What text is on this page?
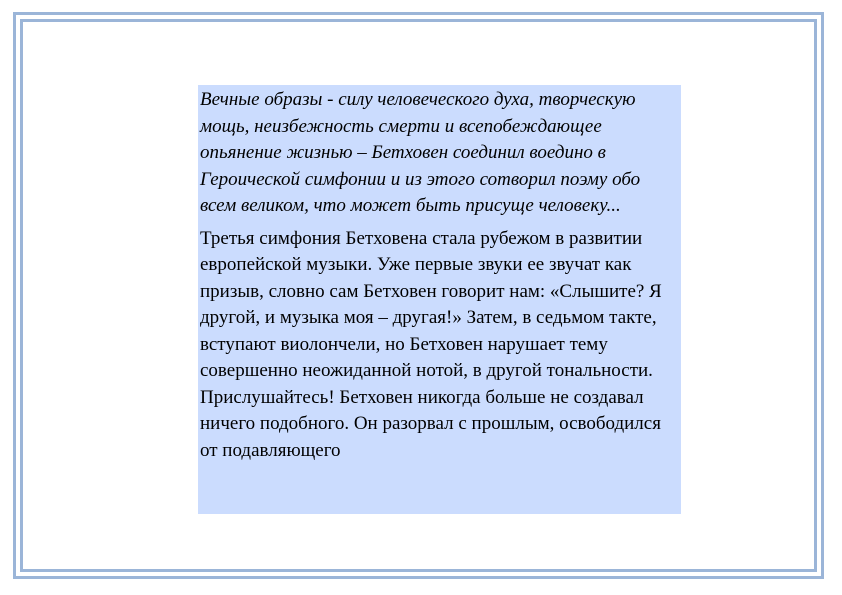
Вечные образы - силу человеческого духа, творческую мощь, неизбежность смерти и всепобеждающее опьянение жизнью – Бетховен соединил воедино в Героической симфонии и из этого сотворил поэму обо всем великом, что может быть присуще человеку...

Третья симфония Бетховена стала рубежом в развитии европейской музыки. Уже первые звуки ее звучат как призыв, словно сам Бетховен говорит нам: «Слышите? Я другой, и музыка моя – другая!» Затем, в седьмом такте, вступают виолончели, но Бетховен нарушает тему совершенно неожиданной нотой, в другой тональности. Прислушайтесь! Бетховен никогда больше не создавал ничего подобного. Он разорвал с прошлым, освободился от подавляющего
